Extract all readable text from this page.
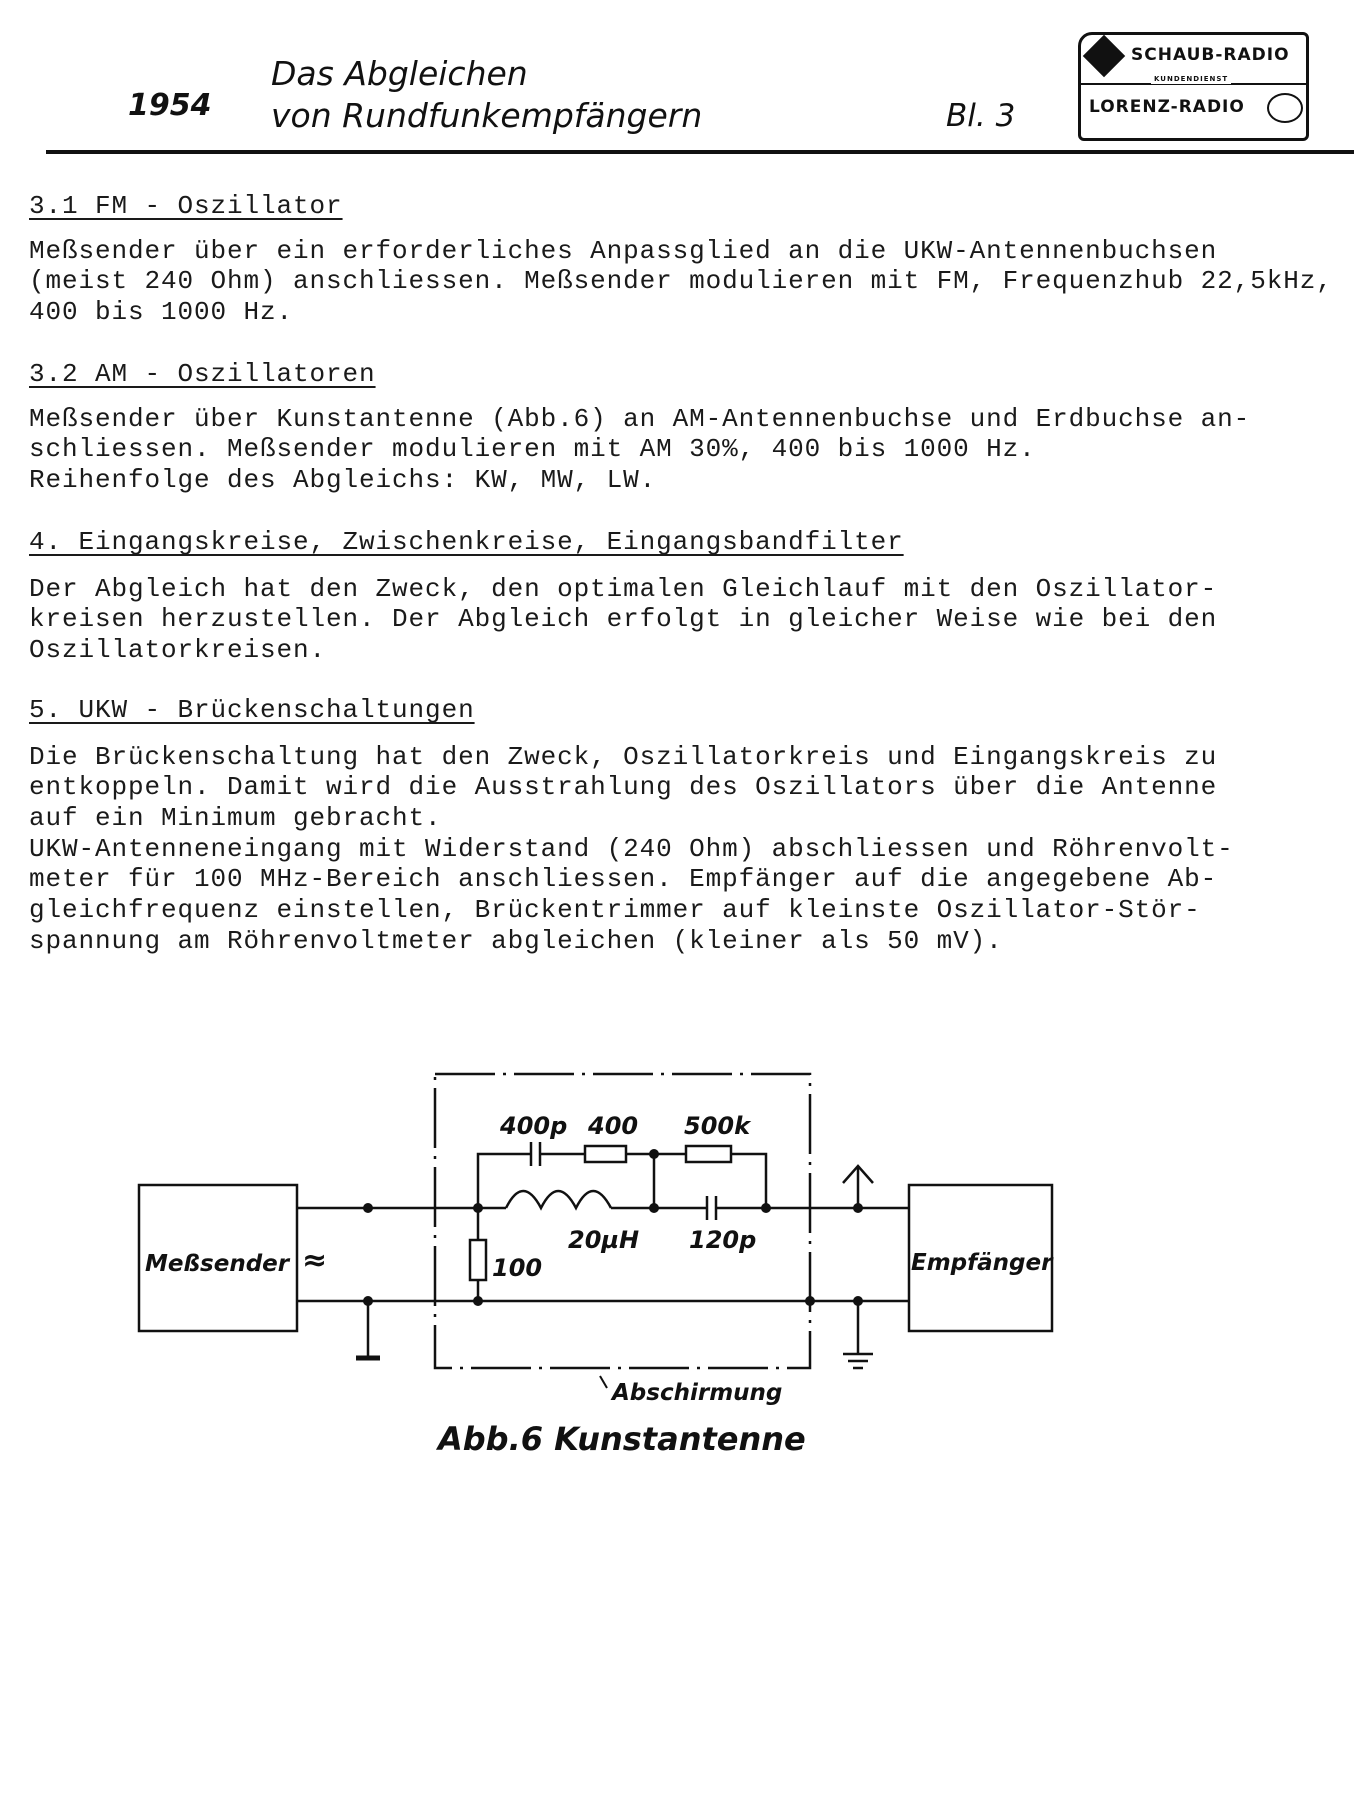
1954
Das Abgleichen
von Rundfunkempfängern	Bl. 3
SCHAUB-RADIO
KUNDENDIENST
LORENZ-RADIO
3.1 FM - Oszillator
Meßsender über ein erforderliches Anpassglied an die UKW-Antennenbuchsen
(meist 240 Ohm) anschliessen. Meßsender modulieren mit FM, Frequenzhub 22,5kHz,
400 bis 1000 Hz.
3.2 AM - Oszillatoren
Meßsender über Kunstantenne (Abb.6) an AM-Antennenbuchse und Erdbuchse an-
schliessen. Meßsender modulieren mit AM 30%, 400 bis 1000 Hz.
Reihenfolge des Abgleichs: KW, MW, LW.
4. Eingangskreise, Zwischenkreise, Eingangsbandfilter
Der Abgleich hat den Zweck, den optimalen Gleichlauf mit den Oszillator-
kreisen herzustellen. Der Abgleich erfolgt in gleicher Weise wie bei den
Oszillatorkreisen.
5. UKW - Brückenschaltungen
Die Brückenschaltung hat den Zweck, Oszillatorkreis und Eingangskreis zu
entkoppeln. Damit wird die Ausstrahlung des Oszillators über die Antenne
auf ein Minimum gebracht.
UKW-Antenneneingang mit Widerstand (240 Ohm) abschliessen und Röhrenvolt-
meter für 100 MHz-Bereich anschliessen. Empfänger auf die angegebene Ab-
gleichfrequenz einstellen, Brückentrimmer auf kleinste Oszillator-Stör-
spannung am Röhrenvoltmeter abgleichen (kleiner als 50 mV).
400p 400 500k
20µH 120p
100
Meßsender ≈	Empfänger
Abschirmung
Abb.6 Kunstantenne
